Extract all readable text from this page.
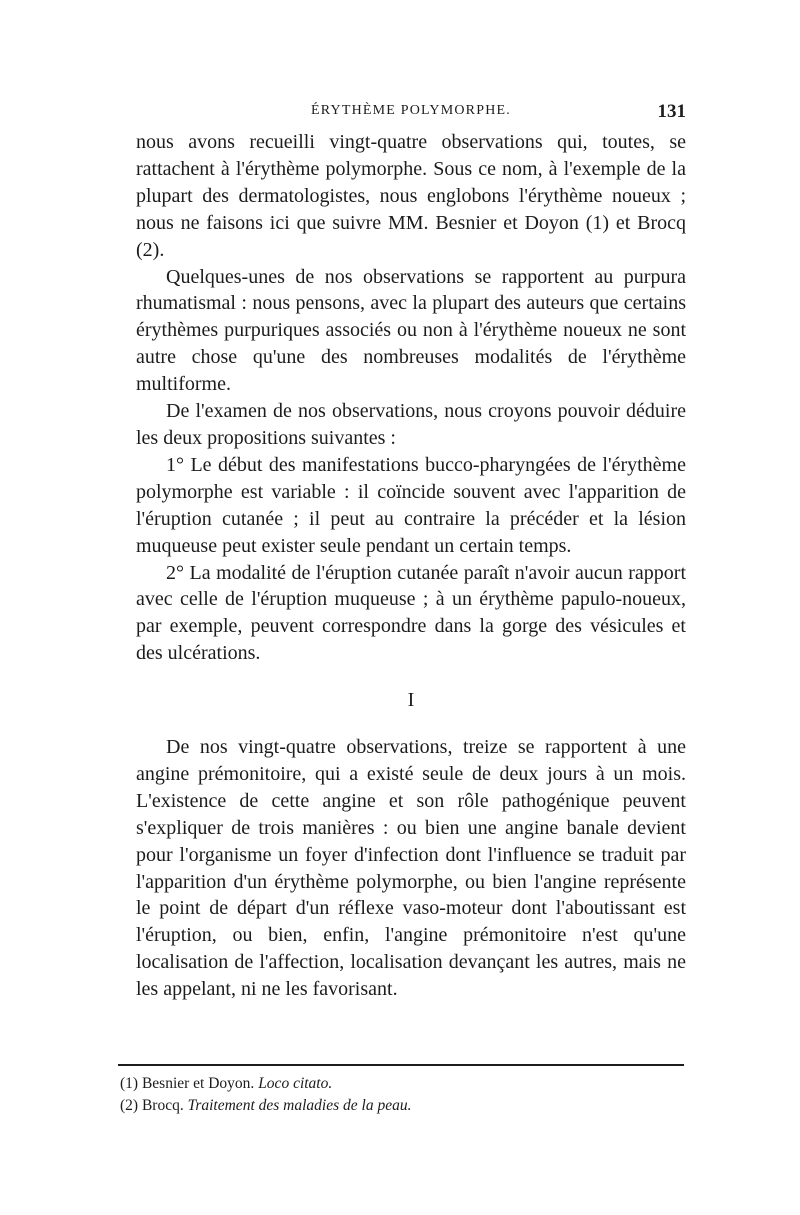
ÉRYTHÈME POLYMORPHE.	131

nous avons recueilli vingt-quatre observations qui, toutes, se rattachent à l'érythème polymorphe. Sous ce nom, à l'exemple de la plupart des dermatologistes, nous englobons l'érythème noueux ; nous ne faisons ici que suivre MM. Besnier et Doyon (1) et Brocq (2).

Quelques-unes de nos observations se rapportent au purpura rhumatismal : nous pensons, avec la plupart des auteurs que certains érythèmes purpuriques associés ou non à l'érythème noueux ne sont autre chose qu'une des nombreuses modalités de l'érythème multiforme.

De l'examen de nos observations, nous croyons pouvoir déduire les deux propositions suivantes :

1° Le début des manifestations bucco-pharyngées de l'érythème polymorphe est variable : il coïncide souvent avec l'apparition de l'éruption cutanée ; il peut au contraire la précéder et la lésion muqueuse peut exister seule pendant un certain temps.

2° La modalité de l'éruption cutanée paraît n'avoir aucun rapport avec celle de l'éruption muqueuse ; à un érythème papulo-noueux, par exemple, peuvent correspondre dans la gorge des vésicules et des ulcérations.

I

De nos vingt-quatre observations, treize se rapportent à une angine prémonitoire, qui a existé seule de deux jours à un mois. L'existence de cette angine et son rôle pathogénique peuvent s'expliquer de trois manières : ou bien une angine banale devient pour l'organisme un foyer d'infection dont l'influence se traduit par l'apparition d'un érythème polymorphe, ou bien l'angine représente le point de départ d'un réflexe vaso-moteur dont l'aboutissant est l'éruption, ou bien, enfin, l'angine prémonitoire n'est qu'une localisation de l'affection, localisation devançant les autres, mais ne les appelant, ni ne les favorisant.

(1) Besnier et Doyon. Loco citato.

(2) Brocq. Traitement des maladies de la peau.
